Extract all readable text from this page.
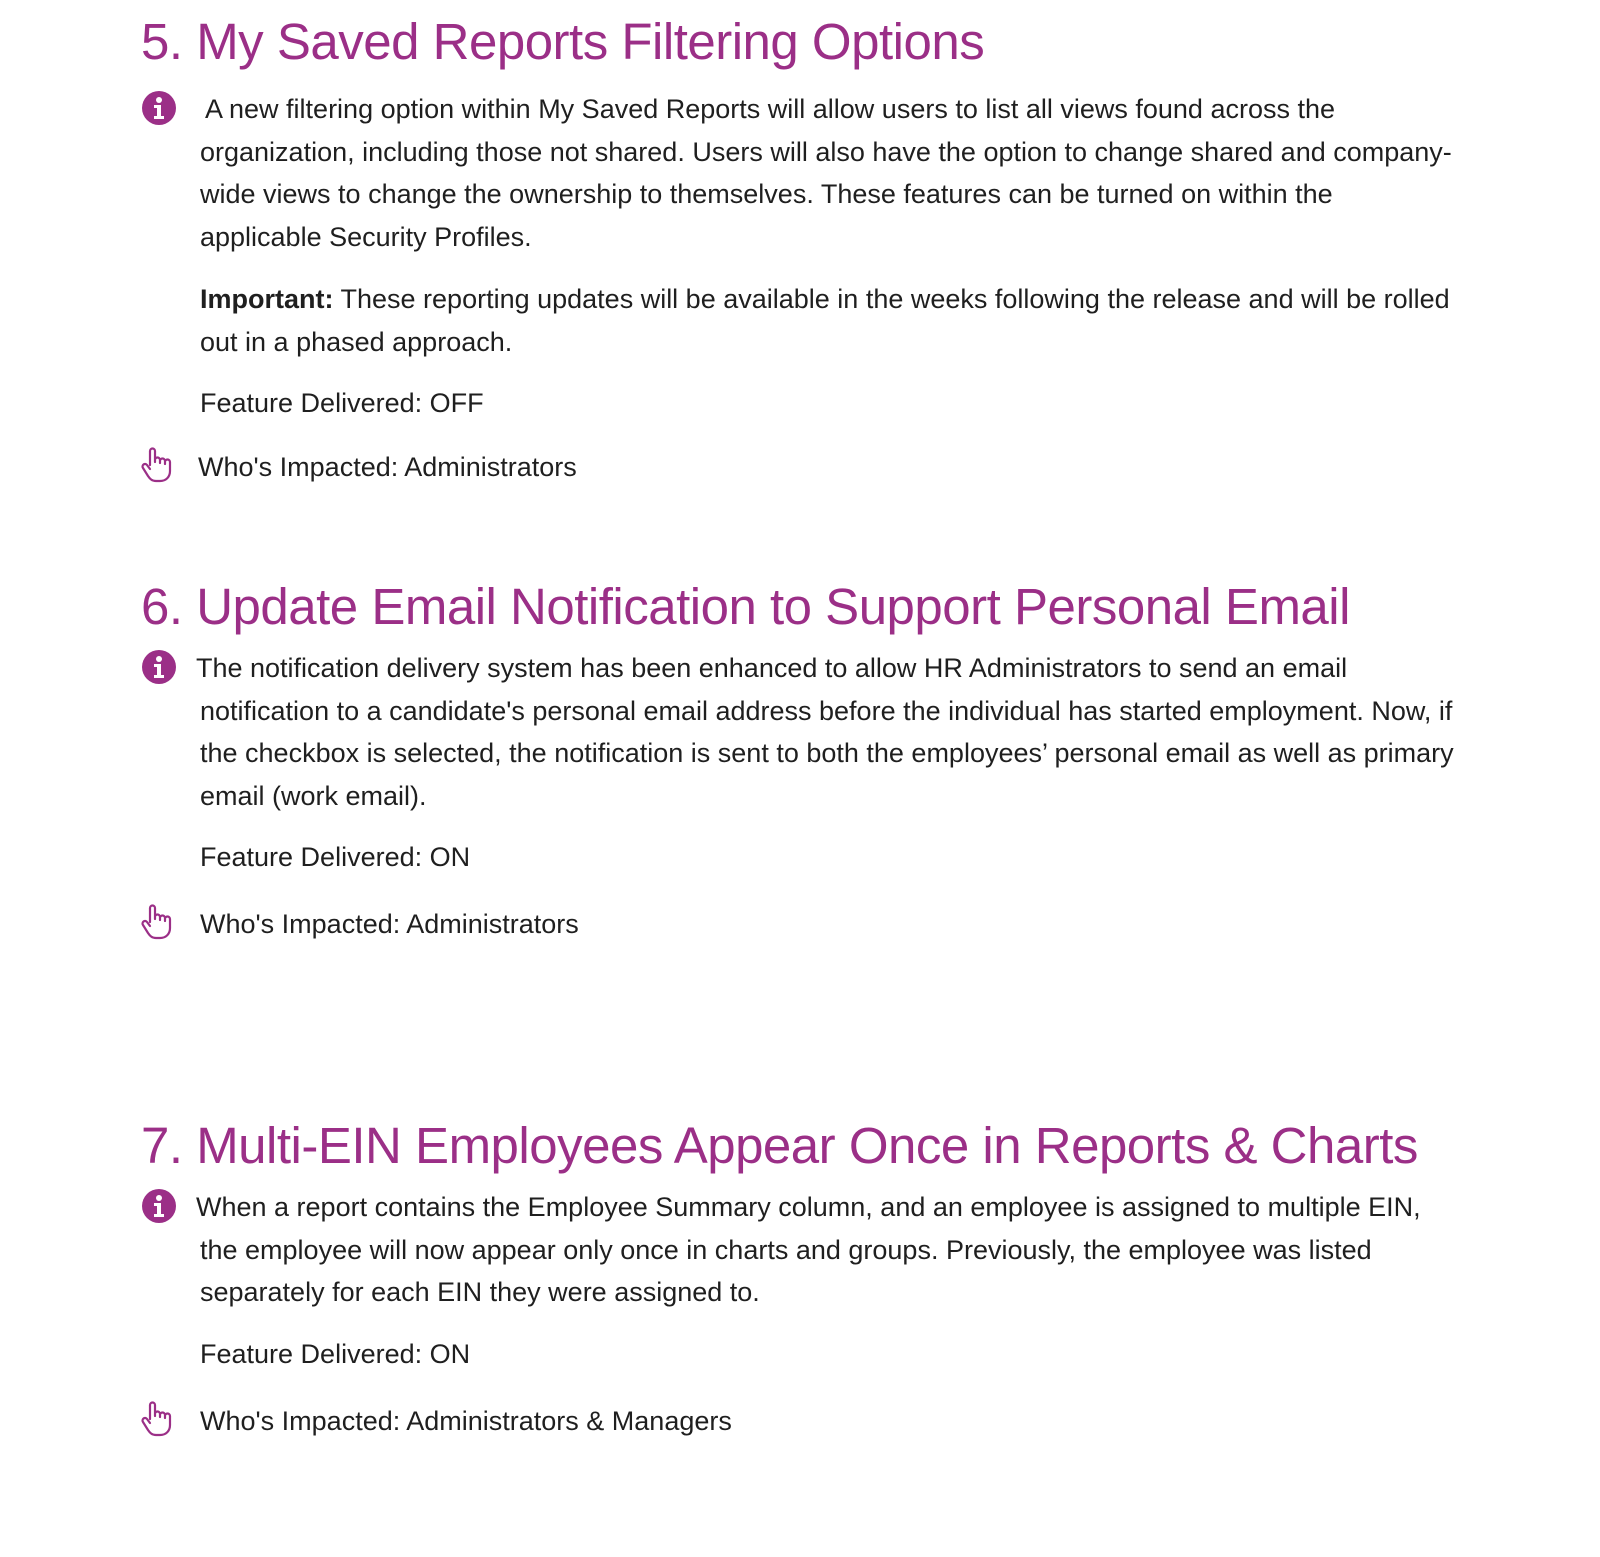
5. My Saved Reports Filtering Options

A new filtering option within My Saved Reports will allow users to list all views found across the organization, including those not shared. Users will also have the option to change shared and company-wide views to change the ownership to themselves. These features can be turned on within the applicable Security Profiles.

Important: These reporting updates will be available in the weeks following the release and will be rolled out in a phased approach.

Feature Delivered: OFF

Who's Impacted: Administrators
6. Update Email Notification to Support Personal Email

The notification delivery system has been enhanced to allow HR Administrators to send an email notification to a candidate's personal email address before the individual has started employment. Now, if the checkbox is selected, the notification is sent to both the employees’ personal email as well as primary email (work email).

Feature Delivered: ON

Who's Impacted: Administrators
7. Multi-EIN Employees Appear Once in Reports & Charts

When a report contains the Employee Summary column, and an employee is assigned to multiple EIN, the employee will now appear only once in charts and groups. Previously, the employee was listed separately for each EIN they were assigned to.

Feature Delivered: ON

Who's Impacted: Administrators & Managers
